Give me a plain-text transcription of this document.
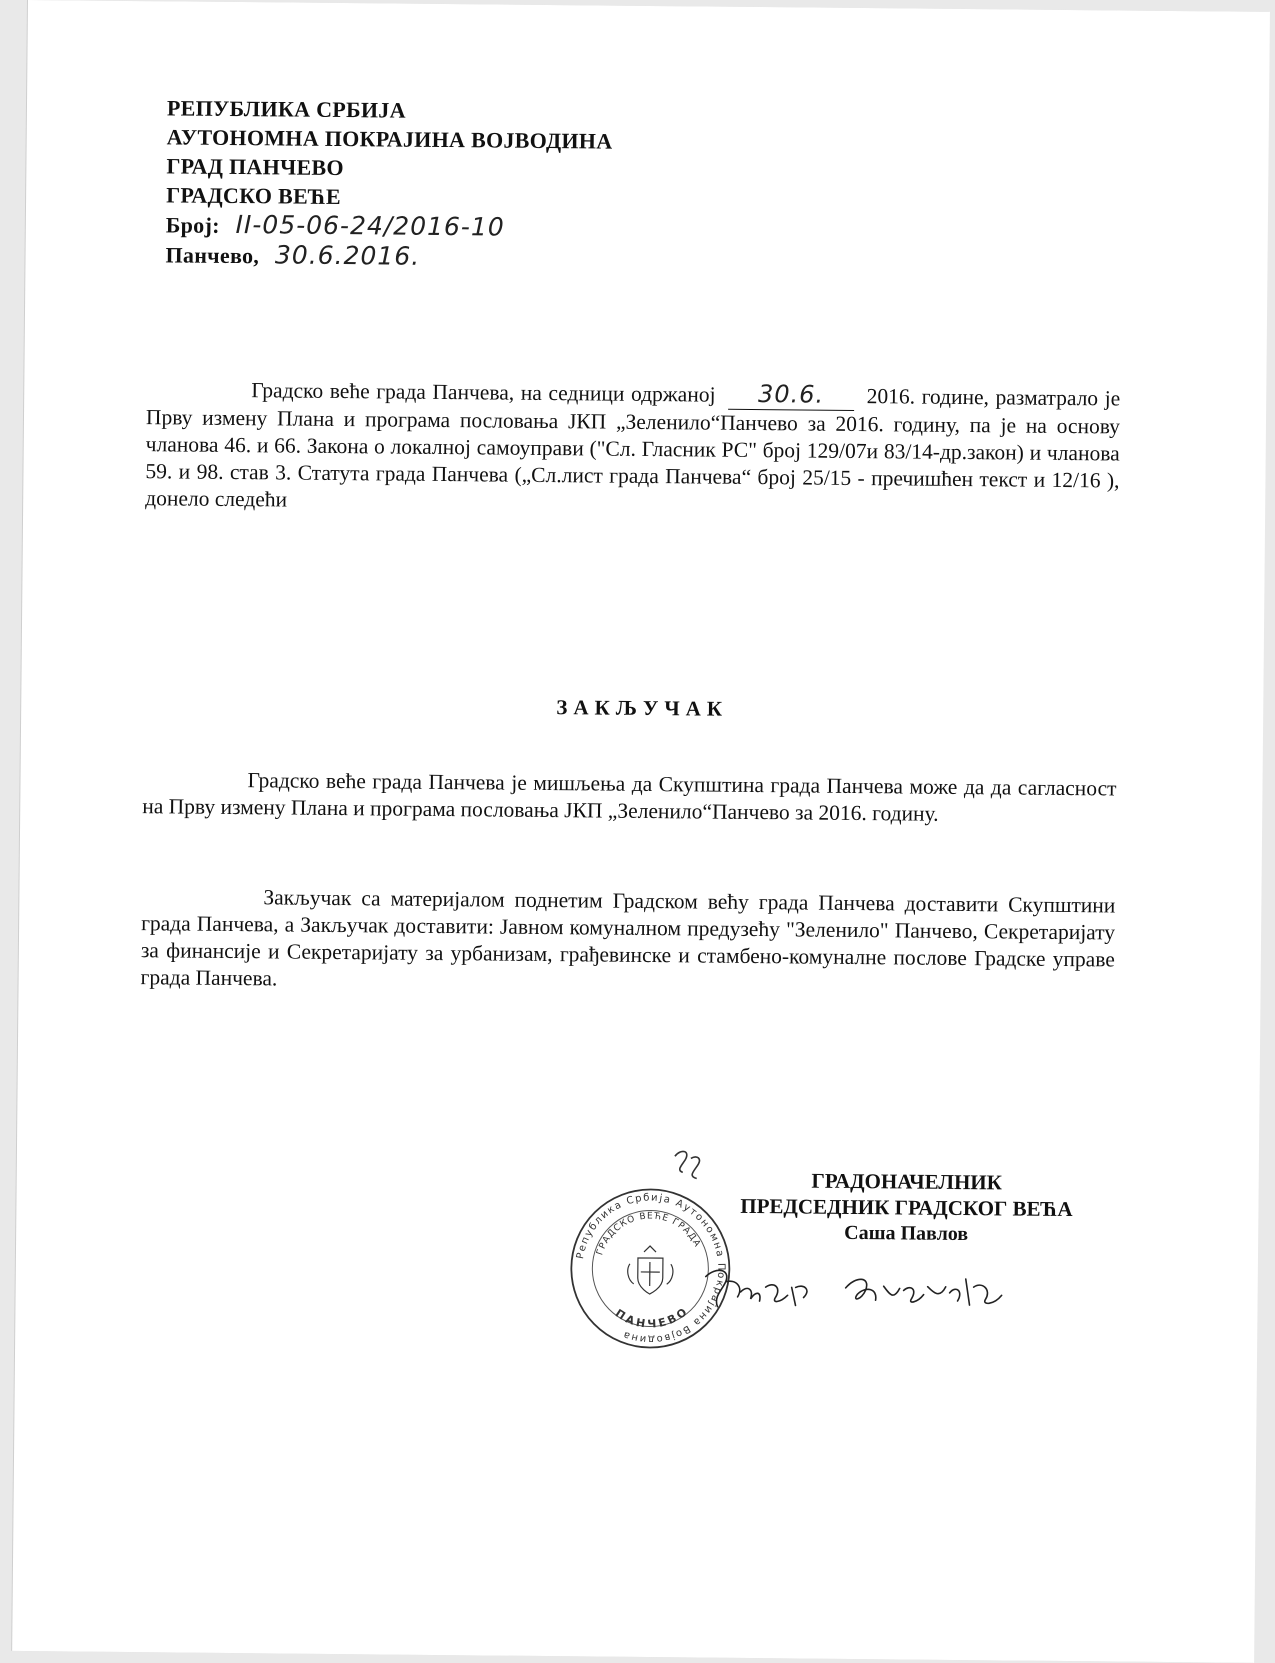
РЕПУБЛИКА СРБИЈА
АУТОНОМНА ПОКРАЈИНА ВОЈВОДИНА
ГРАД ПАНЧЕВО
ГРАДСКО ВЕЋЕ
Број: II-05-06-24/2016-10
Панчево, 30.6.2016.
Градско веће града Панчева, на седници одржаној 30.6. 2016. године, разматрало је Прву измену Плана и програма пословања ЈКП „Зеленило“Панчево за 2016. годину, па је на основу чланова 46. и 66. Закона о локалној самоуправи ("Сл. Гласник РС" број 129/07и 83/14-др.закон) и чланова 59. и 98. став 3. Статута града Панчева („Сл.лист града Панчева“ број 25/15 - пречишћен текст и 12/16 ), донело следећи
ЗАКЉУЧАК
Градско веће града Панчева је мишљења да Скупштина града Панчева може да да сагласност на Прву измену Плана и програма пословања ЈКП „Зеленило“Панчево за 2016. годину.
Закључак са материјалом поднетим Градском већу града Панчева доставити Скупштини града Панчева, а Закључак доставити: Јавном комуналном предузећу "Зеленило" Панчево, Секретаријату за финансије и Секретаријату за урбанизам, грађевинске и стамбено-комуналне послове Градске управе града Панчева.
ГРАДОНАЧЕЛНИК
ПРЕДСЕДНИК ГРАДСКОГ ВЕЋА
Саша Павлов
Република Србија Аутономна Покрајина Војводина
ГРАДСКО ВЕЋЕ ГРАДА
ПАНЧЕВО
